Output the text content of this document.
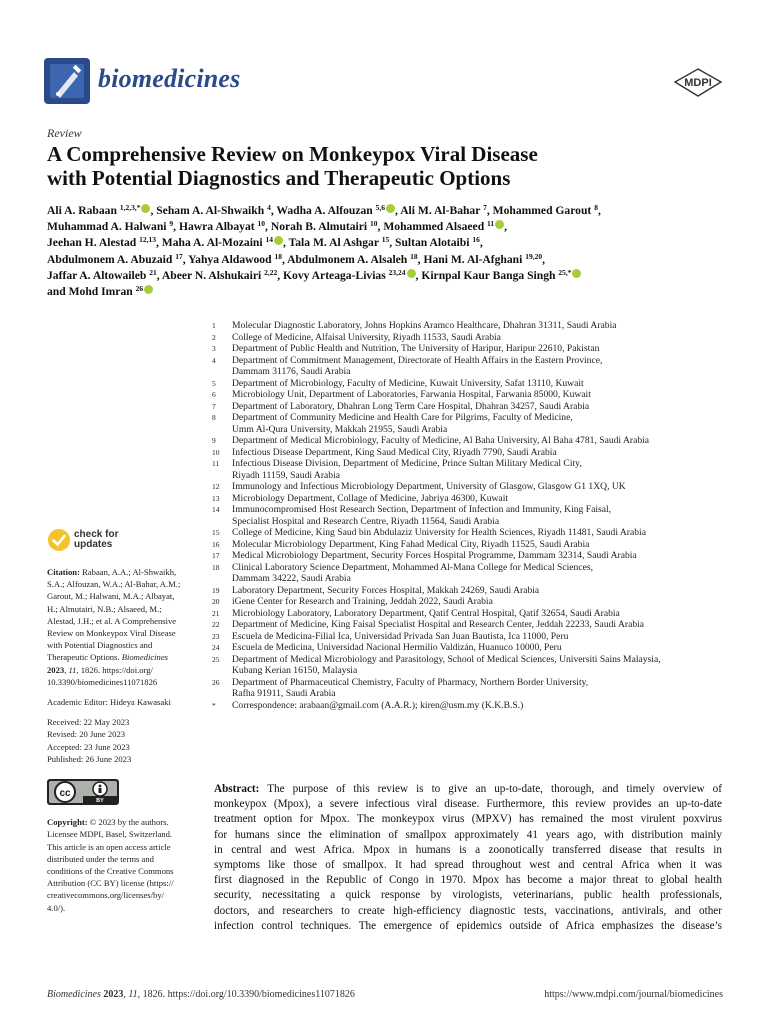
biomedicines	MDPI
Review
A Comprehensive Review on Monkeypox Viral Disease
with Potential Diagnostics and Therapeutic Options
Ali A. Rabaan $^{1,2,3,*}$ , Seham A. Al-Shwaikh $^4$, Wadha A. Alfouzan $^{5,6}$ , Ali M. Al-Bahar $^7$, Mohammed Garout $^8$,
Muhammad A. Halwani $^9$, Hawra Albayat $^{10}$, Norah B. Almutairi $^{10}$, Mohammed Alsaeed $^{11}$ ,
Jeehan H. Alestad $^{12,13}$, Maha A. Al-Mozaini $^{14}$ , Tala M. Al Ashgar $^{15}$, Sultan Alotaibi $^{16}$,
Abdulmonem A. Abuzaid $^{17}$, Yahya Aldawood $^{18}$, Abdulmonem A. Alsaleh $^{18}$, Hani M. Al-Afghani $^{19,20}$,
Jaffar A. Altowaileb $^{21}$, Abeer N. Alshukairi $^{2,22}$, Kovy Arteaga-Livias $^{23,24}$ , Kirnpal Kaur Banga Singh $^{25,*}$
and Mohd Imran $^{26}$
1	Molecular Diagnostic Laboratory, Johns Hopkins Aramco Healthcare, Dhahran 31311, Saudi Arabia
2	College of Medicine, Alfaisal University, Riyadh 11533, Saudi Arabia
3	Department of Public Health and Nutrition, The University of Haripur, Haripur 22610, Pakistan
4	Department of Commitment Management, Directorate of Health Affairs in the Eastern Province,
Dammam 31176, Saudi Arabia
5	Department of Microbiology, Faculty of Medicine, Kuwait University, Safat 13110, Kuwait
6	Microbiology Unit, Department of Laboratories, Farwania Hospital, Farwania 85000, Kuwait
7	Department of Laboratory, Dhahran Long Term Care Hospital, Dhahran 34257, Saudi Arabia
8	Department of Community Medicine and Health Care for Pilgrims, Faculty of Medicine,
Umm Al-Qura University, Makkah 21955, Saudi Arabia
9	Department of Medical Microbiology, Faculty of Medicine, Al Baha University, Al Baha 4781, Saudi Arabia
10	Infectious Disease Department, King Saud Medical City, Riyadh 7790, Saudi Arabia
11	Infectious Disease Division, Department of Medicine, Prince Sultan Military Medical City,
Riyadh 11159, Saudi Arabia
12	Immunology and Infectious Microbiology Department, University of Glasgow, Glasgow G1 1XQ, UK
13	Microbiology Department, Collage of Medicine, Jabriya 46300, Kuwait
14	Immunocompromised Host Research Section, Department of Infection and Immunity, King Faisal,
Specialist Hospital and Research Centre, Riyadh 11564, Saudi Arabia
15	College of Medicine, King Saud bin Abdulaziz University for Health Sciences, Riyadh 11481, Saudi Arabia
16	Molecular Microbiology Department, King Fahad Medical City, Riyadh 11525, Saudi Arabia
17	Medical Microbiology Department, Security Forces Hospital Programme, Dammam 32314, Saudi Arabia
18	Clinical Laboratory Science Department, Mohammed Al-Mana College for Medical Sciences,
Dammam 34222, Saudi Arabia
19	Laboratory Department, Security Forces Hospital, Makkah 24269, Saudi Arabia
20	iGene Center for Research and Training, Jeddah 2022, Saudi Arabia
21	Microbiology Laboratory, Laboratory Department, Qatif Central Hospital, Qatif 32654, Saudi Arabia
22	Department of Medicine, King Faisal Specialist Hospital and Research Center, Jeddah 22233, Saudi Arabia
23	Escuela de Medicina-Filial Ica, Universidad Privada San Juan Bautista, Ica 11000, Peru
24	Escuela de Medicina, Universidad Nacional Hermilio Valdizán, Huanuco 10000, Peru
25	Department of Medical Microbiology and Parasitology, School of Medical Sciences, Universiti Sains Malaysia,
Kubang Kerian 16150, Malaysia
26	Department of Pharmaceutical Chemistry, Faculty of Pharmacy, Northern Border University,
Rafha 91911, Saudi Arabia
*	Correspondence: arabaan@gmail.com (A.A.R.); kiren@usm.my (K.K.B.S.)
check for
updates
Citation: Rabaan, A.A.; Al-Shwaikh,
S.A.; Alfouzan, W.A.; Al-Bahar, A.M.;
Garout, M.; Halwani, M.A.; Albayat,
H.; Almutairi, N.B.; Alsaeed, M.;
Alestad, J.H.; et al. A Comprehensive
Review on Monkeypox Viral Disease
with Potential Diagnostics and
Therapeutic Options. Biomedicines
2023, 11, 1826. https://doi.org/
10.3390/biomedicines11071826
Academic Editor: Hideya Kawasaki
Received: 22 May 2023
Revised: 20 June 2023
Accepted: 23 June 2023
Published: 26 June 2023
cc
BY
Copyright: © 2023 by the authors.
Licensee MDPI, Basel, Switzerland.
This article is an open access article
distributed under the terms and
conditions of the Creative Commons
Attribution (CC BY) license (https://
creativecommons.org/licenses/by/
4.0/).
Abstract: The purpose of this review is to give an up-to-date, thorough, and timely overview of
monkeypox (Mpox), a severe infectious viral disease. Furthermore, this review provides an up-to-date
treatment option for Mpox. The monkeypox virus (MPXV) has remained the most virulent poxvirus
for humans since the elimination of smallpox approximately 41 years ago, with distribution mainly
in central and west Africa. Mpox in humans is a zoonotically transferred disease that results in
symptoms like those of smallpox. It had spread throughout west and central Africa when it was
first diagnosed in the Republic of Congo in 1970. Mpox has become a major threat to global health
security, necessitating a quick response by virologists, veterinarians, public health professionals,
doctors, and researchers to create high-efficiency diagnostic tests, vaccinations, antivirals, and other
infection control techniques. The emergence of epidemics outside of Africa emphasizes the disease’s
Biomedicines 2023, 11, 1826. https://doi.org/10.3390/biomedicines11071826	https://www.mdpi.com/journal/biomedicines
